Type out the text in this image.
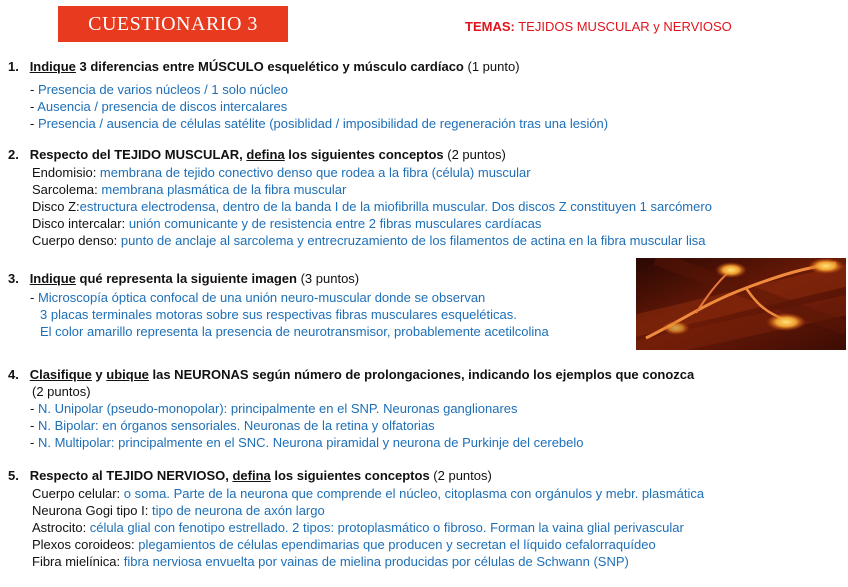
CUESTIONARIO 3	TEMAS: TEJIDOS MUSCULAR y NERVIOSO
1. Indique 3 diferencias entre MÚSCULO esquelético y músculo cardíaco (1 punto)
- Presencia de varios núcleos / 1 solo núcleo
- Ausencia / presencia de discos intercalares
- Presencia / ausencia de células satélite (posiblidad / imposibilidad de regeneración tras una lesión)
2. Respecto del TEJIDO MUSCULAR, defina los siguientes conceptos (2 puntos)
Endomisio: membrana de tejido conectivo denso que rodea a la fibra (célula) muscular
Sarcolema: membrana plasmática de la fibra muscular
Disco Z:estructura electrodensa, dentro de la banda I de la miofibrilla muscular. Dos discos Z constituyen 1 sarcómero
Disco intercalar: unión comunicante y de resistencia entre 2 fibras musculares cardíacas
Cuerpo denso: punto de anclaje al sarcolema y entrecruzamiento de los filamentos de actina en la fibra muscular lisa
3. Indique qué representa la siguiente imagen (3 puntos)
- Microscopía óptica confocal de una unión neuro-muscular donde se observan
3 placas terminales motoras sobre sus respectivas fibras musculares esqueléticas.
El color amarillo representa la presencia de neurotransmisor, probablemente acetilcolina
4. Clasifique y ubique las NEURONAS según número de prolongaciones, indicando los ejemplos que conozca
(2 puntos)
- N. Unipolar (pseudo-monopolar): principalmente en el SNP. Neuronas ganglionares
- N. Bipolar: en órganos sensoriales. Neuronas de la retina y olfatorias
- N. Multipolar: principalmente en el SNC. Neurona piramidal y neurona de Purkinje del cerebelo
5. Respecto al TEJIDO NERVIOSO, defina los siguientes conceptos (2 puntos)
Cuerpo celular: o soma. Parte de la neurona que comprende el núcleo, citoplasma con orgánulos y mebr. plasmática
Neurona Gogi tipo I: tipo de neurona de axón largo
Astrocito: célula glial con fenotipo estrellado. 2 tipos: protoplasmático o fibroso. Forman la vaina glial perivascular
Plexos coroideos: plegamientos de células ependimarias que producen y secretan el líquido cefalorraquídeo
Fibra mielínica: fibra nerviosa envuelta por vainas de mielina producidas por células de Schwann (SNP)
